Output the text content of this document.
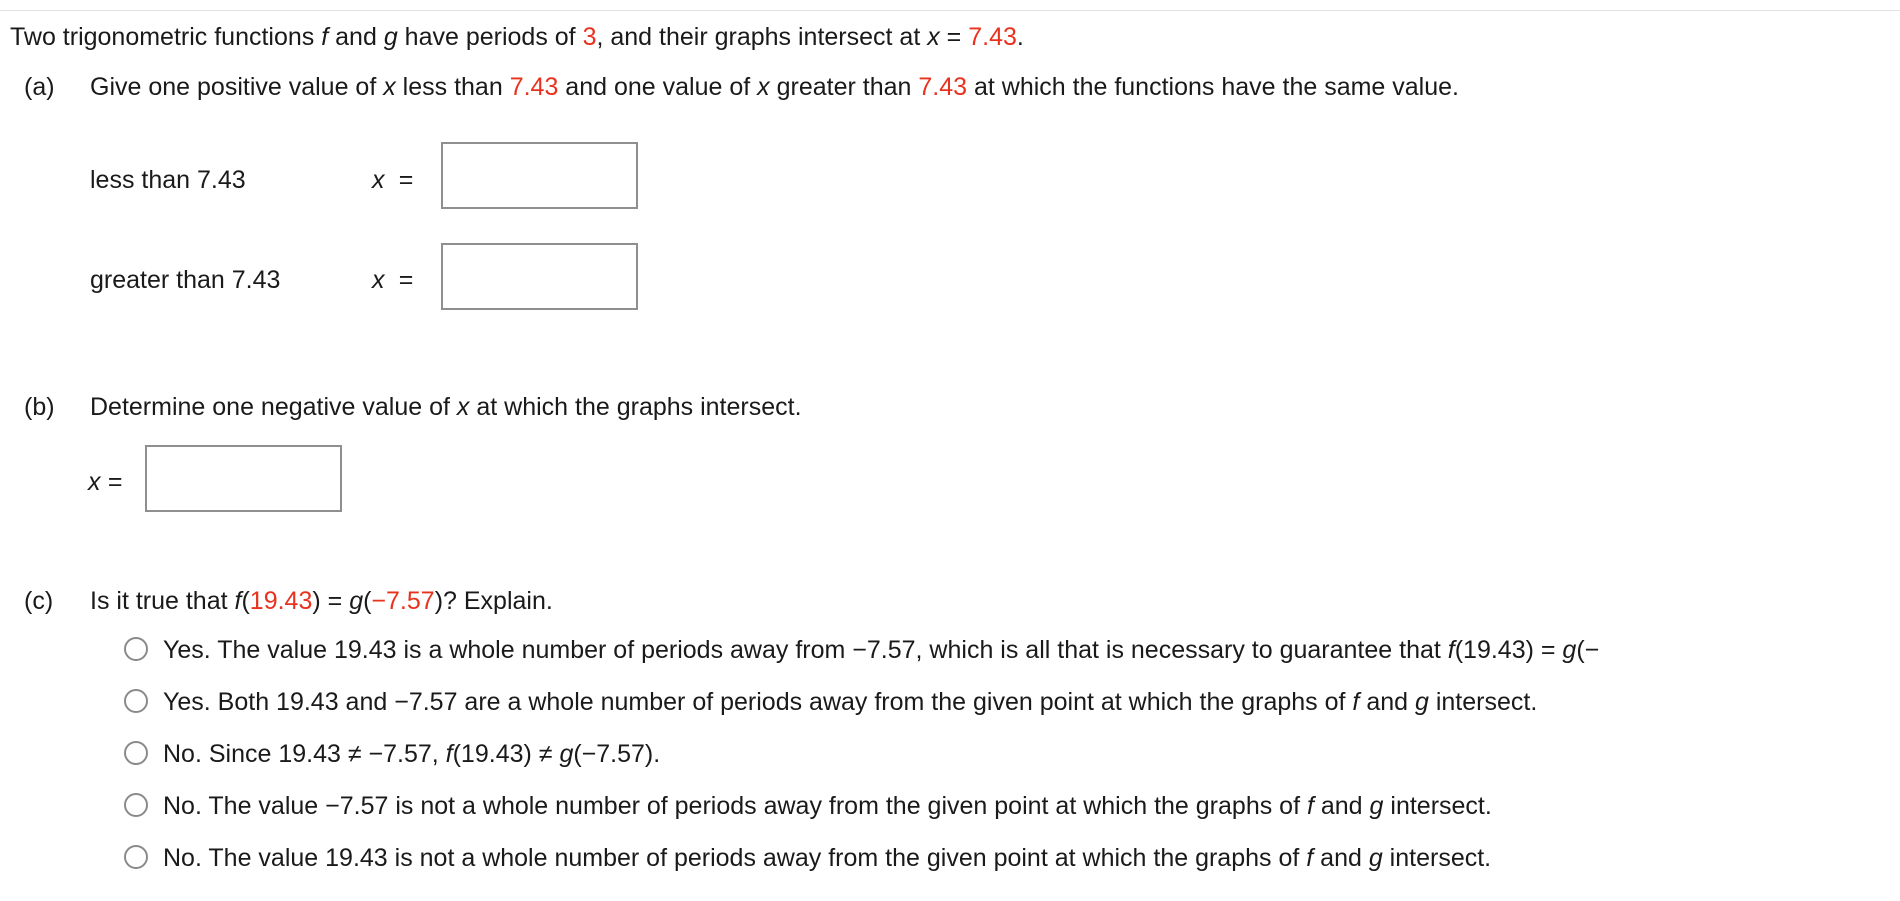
Two trigonometric functions f and g have periods of 3, and their graphs intersect at x = 7.43.
(a) Give one positive value of x less than 7.43 and one value of x greater than 7.43 at which the functions have the same value.
less than 7.43	x  =
greater than 7.43	x  =
(b) Determine one negative value of x at which the graphs intersect.
x =
(c) Is it true that f(19.43) = g(−7.57)? Explain.
Yes. The value 19.43 is a whole number of periods away from −7.57, which is all that is necessary to guarantee that f(19.43) = g(−
Yes. Both 19.43 and −7.57 are a whole number of periods away from the given point at which the graphs of f and g intersect.
No. Since 19.43 ≠ −7.57, f(19.43) ≠ g(−7.57).
No. The value −7.57 is not a whole number of periods away from the given point at which the graphs of f and g intersect.
No. The value 19.43 is not a whole number of periods away from the given point at which the graphs of f and g intersect.
